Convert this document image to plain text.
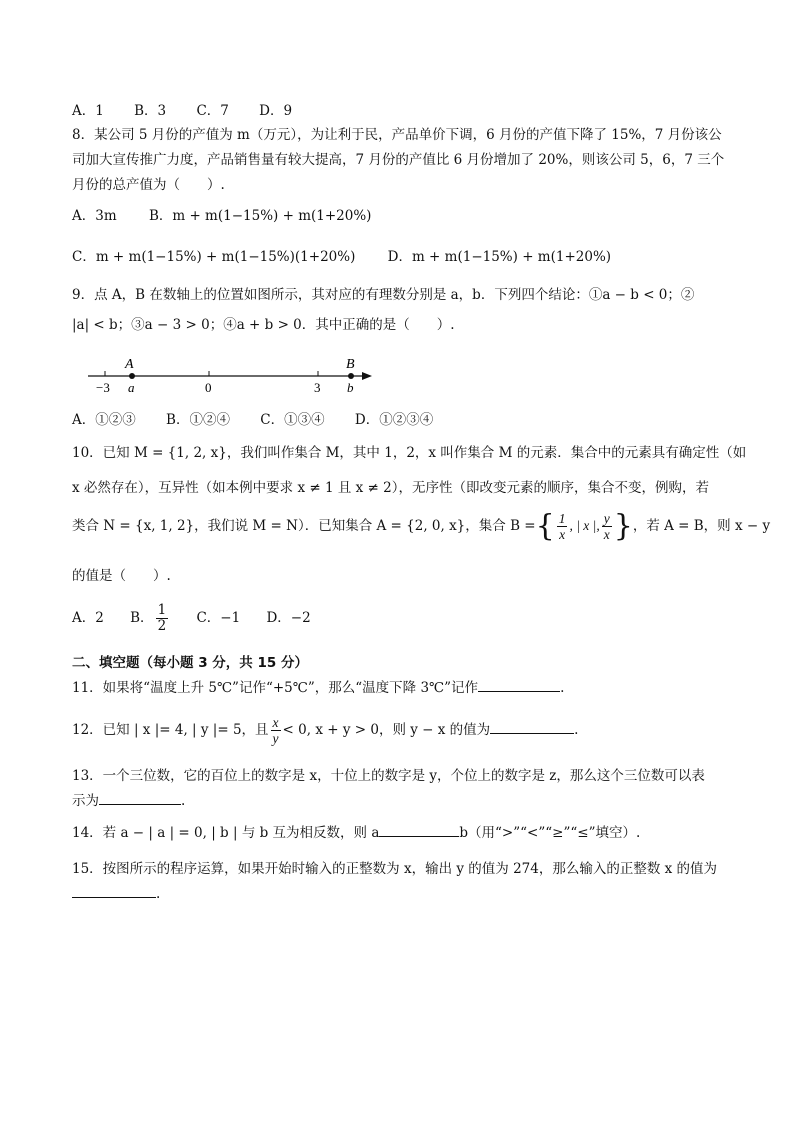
A．1 B．3 C．7 D．9
8．某公司 5 月份的产值为 m（万元），为让利于民，产品单价下调，6 月份的产值下降了 15%，7 月份该公
司加大宣传推广力度，产品销售量有较大提高，7 月份的产值比 6 月份增加了 20%，则该公司 5，6，7 三个
月份的总产值为（　　）.
A．3m B．m + m(1−15%) + m(1+20%)
C．m + m(1−15%) + m(1−15%)(1+20%) D．m + m(1−15%) + m(1+20%)
9．点 A，B 在数轴上的位置如图所示，其对应的有理数分别是 a，b．下列四个结论：①a − b < 0；②
|a| < b；③a − 3 > 0；④a + b > 0．其中正确的是（　　）.
A	B
−3 a	0	3 b
A．①②③ B．①②④ C．①③④ D．①②③④
10．已知 M = {1, 2, x}，我们叫作集合 M，其中 1，2，x 叫作集合 M 的元素．集合中的元素具有确定性（如
x 必然存在），互异性（如本例中要求 x ≠ 1 且 x ≠ 2），无序性（即改变元素的顺序，集合不变，例购，若
类合 N = {x, 1, 2}，我们说 M = N）．已知集合 A = {2, 0, x}，集合 B ={ $\frac{1}{x}$ , | x |, $\frac{y}{x}$ }，若 A = B，则 x − y
的值是（　　）.
A．2 B． $\frac{1}{2}$ C．−1 D．−2
二、填空题（每小题 3 分，共 15 分）
11．如果将“温度上升 5℃”记作“+5℃”，那么“温度下降 3℃”记作	.
12．已知 | x |= 4, | y |= 5，且 $\frac{x}{y} < 0$, x + y > 0，则 y − x 的值为	.
13．一个三位数，它的百位上的数字是 x，十位上的数字是 y，个位上的数字是 z，那么这个三位数可以表
示为	.
14．若 a − | a | = 0, | b | 与 b 互为相反数，则 a	b（用“>”“<”“≥”“≤”填空）.
15．按图所示的程序运算，如果开始时输入的正整数为 x，输出 y 的值为 274，那么输入的正整数 x 的值为
.
